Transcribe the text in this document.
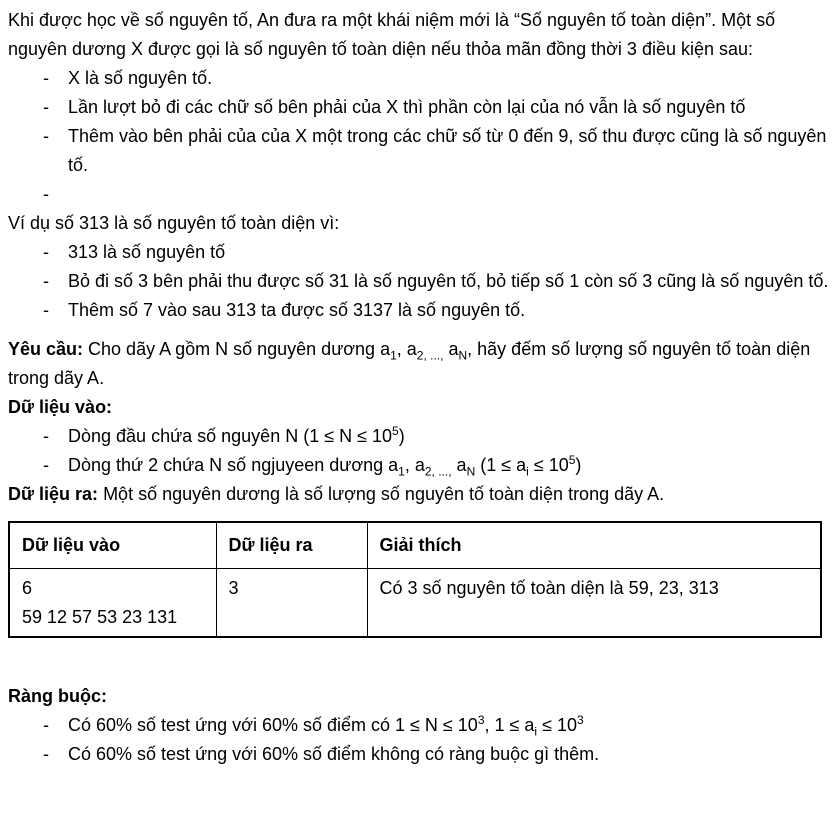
Khi được học về số nguyên tố, An đưa ra một khái niệm mới là “Số nguyên tố toàn diện”. Một số nguyên dương X được gọi là số nguyên tố toàn diện nếu thỏa mãn đồng thời 3 điều kiện sau:

-	X là số nguyên tố.
-	Lần lượt bỏ đi các chữ số bên phải của X thì phần còn lại của nó vẫn là số nguyên tố
-	Thêm vào bên phải của của X một trong các chữ số từ 0 đến 9, số thu được cũng là số nguyên tố.
-

Ví dụ số 313 là số nguyên tố toàn diện vì:

-	313 là số nguyên tố
-	Bỏ đi số 3 bên phải thu được số 31 là số nguyên tố, bỏ tiếp số 1 còn số 3 cũng là số nguyên tố.
-	Thêm số 7 vào sau 313 ta được số 3137 là số nguyên tố.

Yêu cầu: Cho dãy A gồm N số nguyên dương $a_1$, $a_{2, ...,}$ $a_N$, hãy đếm số lượng số nguyên tố toàn diện trong dãy A.

Dữ liệu vào:

-	Dòng đầu chứa số nguyên N $(1 \le N \le 10^5)$
-	Dòng thứ 2 chứa N số ngjuyeen dương $a_1$, $a_{2, ...,}$ $a_N$ $(1 \le a_i \le 10^5)$

Dữ liệu ra: Một số nguyên dương là số lượng số nguyên tố toàn diện trong dãy A.

Dữ liệu vào	Dữ liệu ra	Giải thích

6
59 12 57 53 23 131	3	Có 3 số nguyên tố toàn diện là 59, 23, 313

Ràng buộc:

-	Có 60% số test ứng với 60% số điểm có $1 \le N \le 10^3$, $1 \le a_i \le 10^3$
-	Có 60% số test ứng với 60% số điểm không có ràng buộc gì thêm.
